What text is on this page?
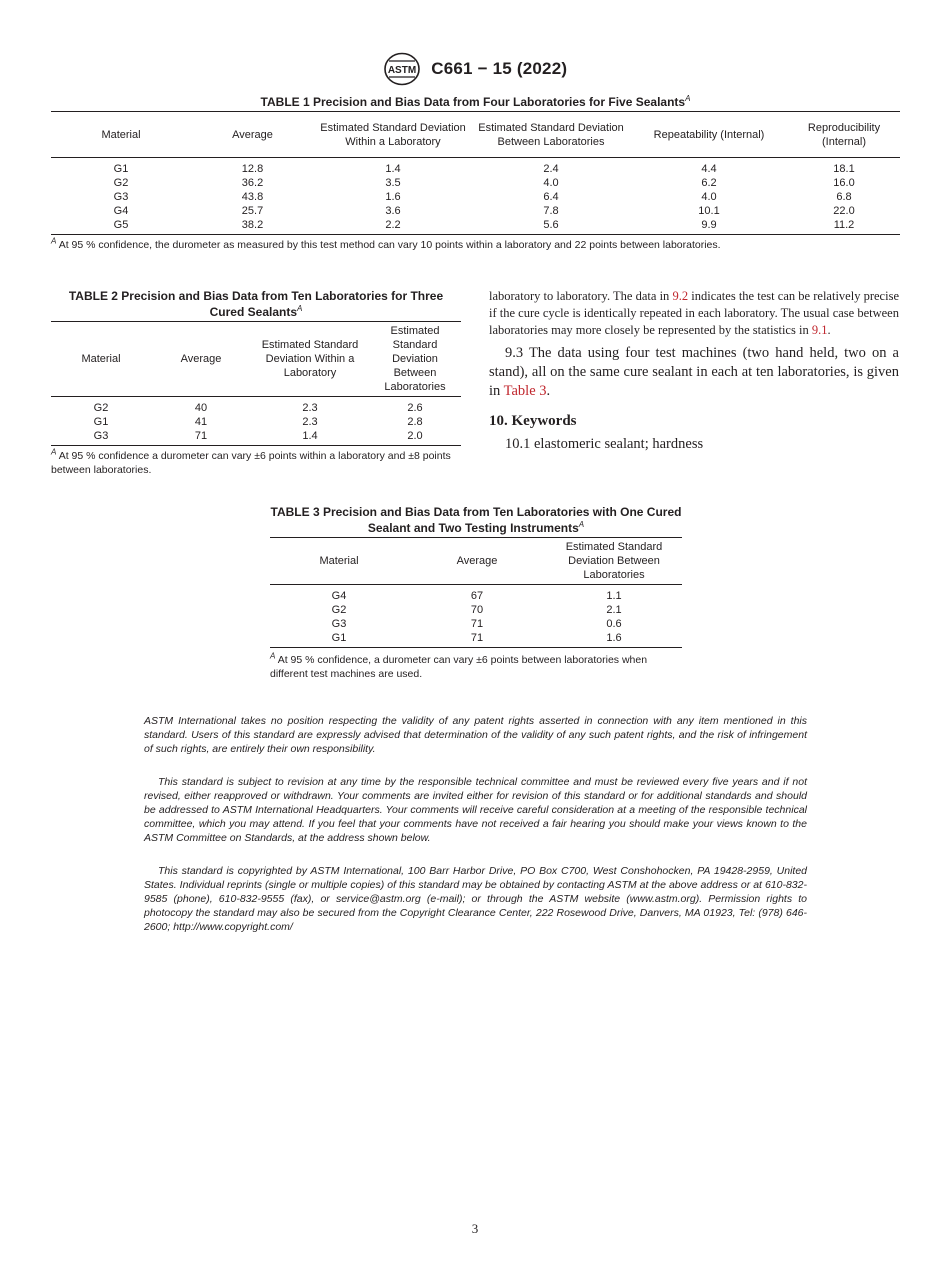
ASTM C661 − 15 (2022)
TABLE 1 Precision and Bias Data from Four Laboratories for Five Sealants$^A$
Material	Average	Estimated Standard Deviation Within a Laboratory	Estimated Standard Deviation Between Laboratories	Repeatability (Internal)	Reproducibility (Internal)
G1	12.8	1.4	2.4	4.4	18.1
G2	36.2	3.5	4.0	6.2	16.0
G3	43.8	1.6	6.4	4.0	6.8
G4	25.7	3.6	7.8	10.1	22.0
G5	38.2	2.2	5.6	9.9	11.2
$^A$ At 95 % confidence, the durometer as measured by this test method can vary 10 points within a laboratory and 22 points between laboratories.
TABLE 2 Precision and Bias Data from Ten Laboratories for Three Cured Sealants$^A$
Material	Average	Estimated Standard Deviation Within a Laboratory	Estimated Standard Deviation Between Laboratories
G2	40	2.3	2.6
G1	41	2.3	2.8
G3	71	1.4	2.0
$^A$ At 95 % confidence a durometer can vary ±6 points within a laboratory and ±8 points between laboratories.

laboratory to laboratory. The data in 9.2 indicates the test can be relatively precise if the cure cycle is identically repeated in each laboratory. The usual case between laboratories may more closely be represented by the statistics in 9.1.

9.3 The data using four test machines (two hand held, two on a stand), all on the same cure sealant in each at ten laboratories, is given in Table 3.

10. Keywords
10.1 elastomeric sealant; hardness
TABLE 3 Precision and Bias Data from Ten Laboratories with One Cured Sealant and Two Testing Instruments$^A$
Material	Average	Estimated Standard Deviation Between Laboratories
G4	67	1.1
G2	70	2.1
G3	71	0.6
G1	71	1.6
$^A$ At 95 % confidence, a durometer can vary ±6 points between laboratories when different test machines are used.
ASTM International takes no position respecting the validity of any patent rights asserted in connection with any item mentioned in this standard. Users of this standard are expressly advised that determination of the validity of any such patent rights, and the risk of infringement of such rights, are entirely their own responsibility.
This standard is subject to revision at any time by the responsible technical committee and must be reviewed every five years and if not revised, either reapproved or withdrawn. Your comments are invited either for revision of this standard or for additional standards and should be addressed to ASTM International Headquarters. Your comments will receive careful consideration at a meeting of the responsible technical committee, which you may attend. If you feel that your comments have not received a fair hearing you should make your views known to the ASTM Committee on Standards, at the address shown below.
This standard is copyrighted by ASTM International, 100 Barr Harbor Drive, PO Box C700, West Conshohocken, PA 19428-2959, United States. Individual reprints (single or multiple copies) of this standard may be obtained by contacting ASTM at the above address or at 610-832-9585 (phone), 610-832-9555 (fax), or service@astm.org (e-mail); or through the ASTM website (www.astm.org). Permission rights to photocopy the standard may also be secured from the Copyright Clearance Center, 222 Rosewood Drive, Danvers, MA 01923, Tel: (978) 646-2600; http://www.copyright.com/
3
